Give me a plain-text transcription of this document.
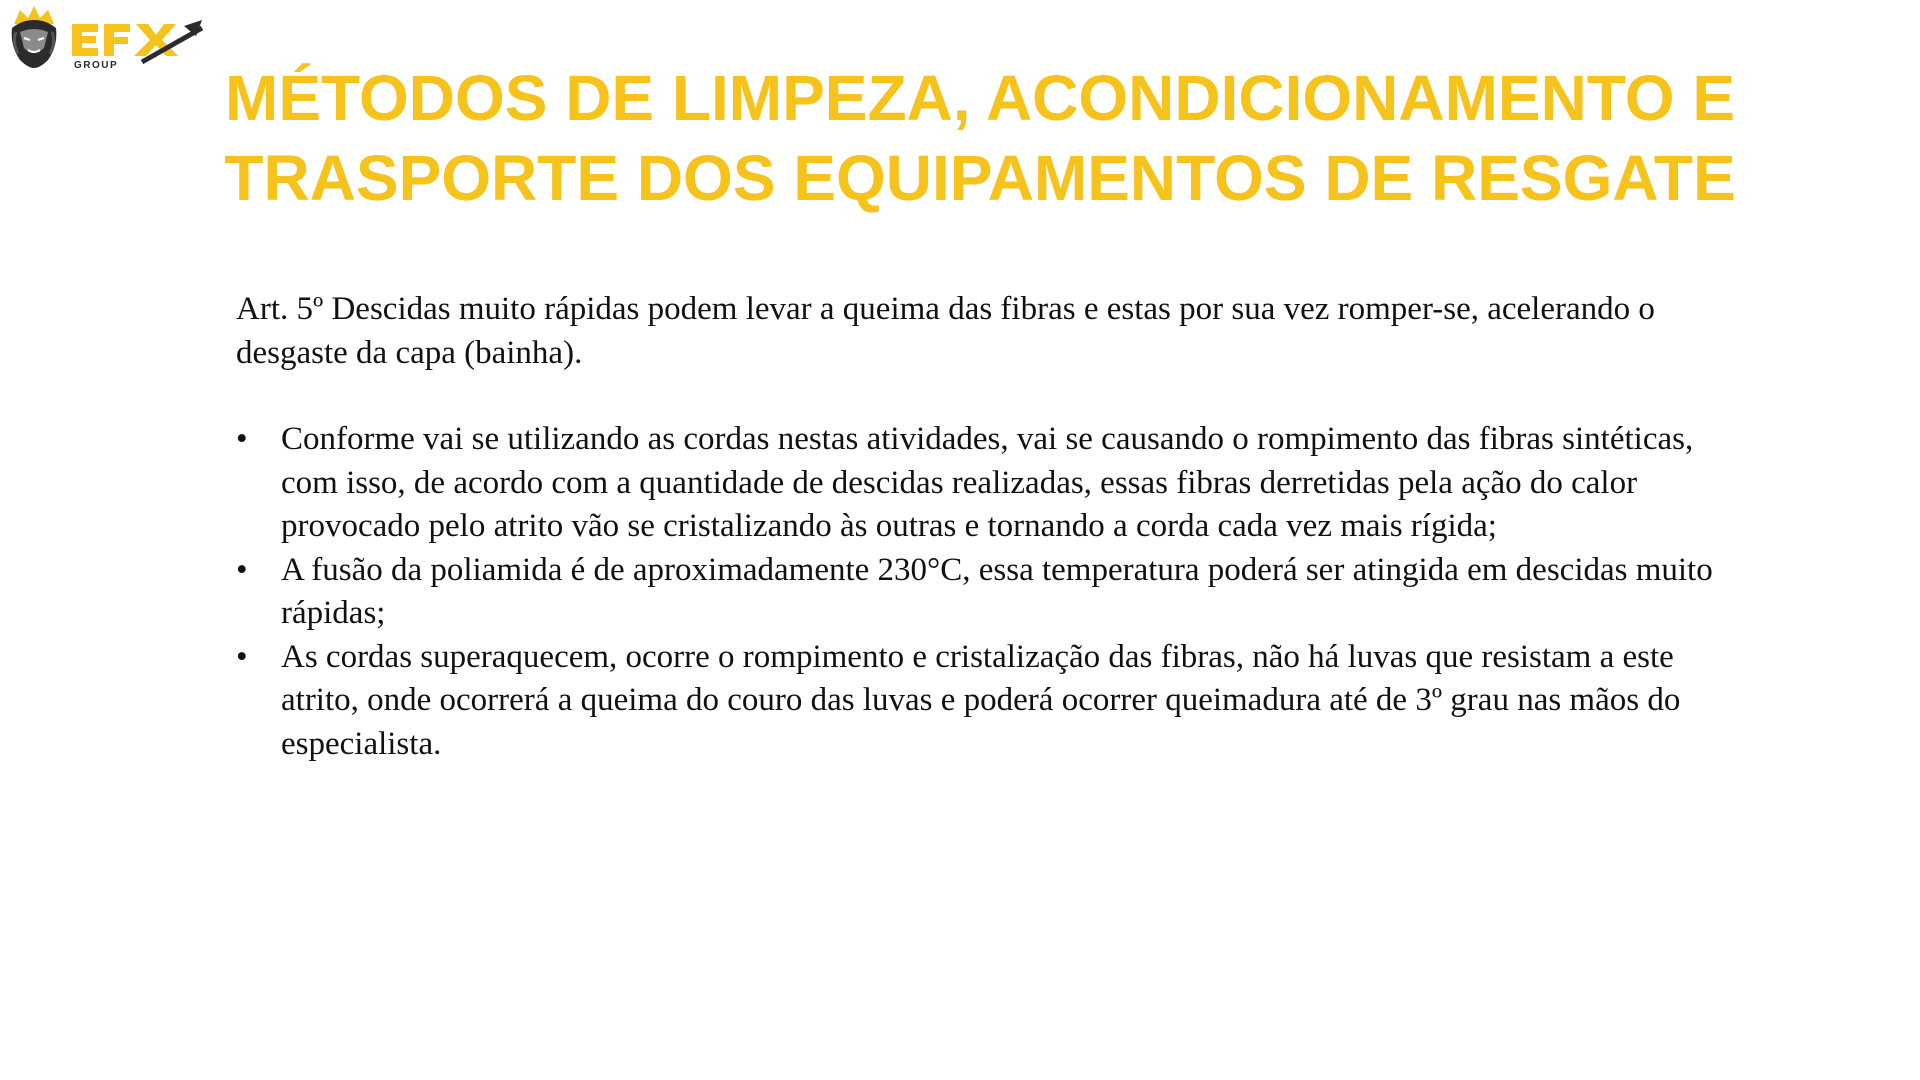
GROUP	MÉTODOS DE LIMPEZA, ACONDICIONAMENTO E
TRASPORTE DOS EQUIPAMENTOS DE RESGATE

Art. 5º Descidas muito rápidas podem levar a queima das fibras e estas por sua vez romper-se, acelerando o desgaste da capa (bainha).

• Conforme vai se utilizando as cordas nestas atividades, vai se causando o rompimento das fibras sintéticas, com isso, de acordo com a quantidade de descidas realizadas, essas fibras derretidas pela ação do calor provocado pelo atrito vão se cristalizando às outras e tornando a corda cada vez mais rígida;
• A fusão da poliamida é de aproximadamente 230°C, essa temperatura poderá ser atingida em descidas muito rápidas;
• As cordas superaquecem, ocorre o rompimento e cristalização das fibras, não há luvas que resistam a este atrito, onde ocorrerá a queima do couro das luvas e poderá ocorrer queimadura até de 3º grau nas mãos do especialista.
